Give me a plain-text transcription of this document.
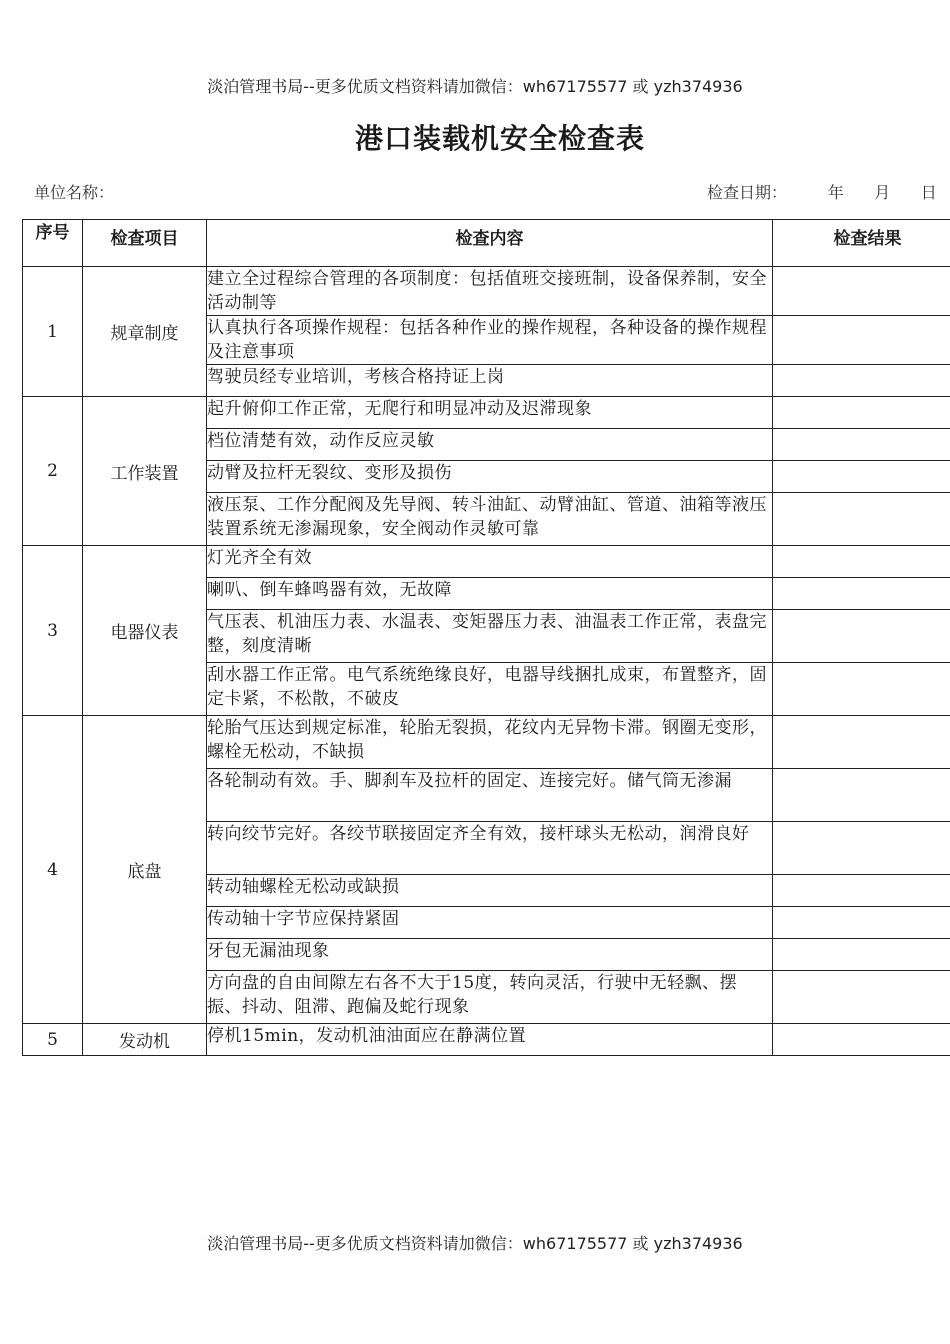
淡泊管理书局--更多优质文档资料请加微信：wh67175577 或 yzh374936
港口装载机安全检查表
单位名称：	检查日期：        年      月      日
序号	检查项目	检查内容	检查结果
1	规章制度	建立全过程综合管理的各项制度：包括值班交接班制，设备保养制，安全活动制等	
		认真执行各项操作规程：包括各种作业的操作规程，各种设备的操作规程及注意事项	
		驾驶员经专业培训，考核合格持证上岗	
2	工作装置	起升俯仰工作正常，无爬行和明显冲动及迟滞现象	
		档位清楚有效，动作反应灵敏	
		动臂及拉杆无裂纹、变形及损伤	
		液压泵、工作分配阀及先导阀、转斗油缸、动臂油缸、管道、油箱等液压装置系统无渗漏现象，安全阀动作灵敏可靠	
3	电器仪表	灯光齐全有效	
		喇叭、倒车蜂鸣器有效，无故障	
		气压表、机油压力表、水温表、变矩器压力表、油温表工作正常，表盘完整，刻度清晰	
		刮水器工作正常。电气系统绝缘良好，电器导线捆扎成束，布置整齐，固定卡紧，不松散，不破皮	
4	底盘	轮胎气压达到规定标准，轮胎无裂损，花纹内无异物卡滞。钢圈无变形，螺栓无松动，不缺损	
		各轮制动有效。手、脚刹车及拉杆的固定、连接完好。储气筒无渗漏	
		转向绞节完好。各绞节联接固定齐全有效，接杆球头无松动，润滑良好	
		转动轴螺栓无松动或缺损	
		传动轴十字节应保持紧固	
		牙包无漏油现象	
		方向盘的自由间隙左右各不大于15度，转向灵活，行驶中无轻飘、摆振、抖动、阻滞、跑偏及蛇行现象	
5	发动机	停机15min，发动机油油面应在静满位置	
淡泊管理书局--更多优质文档资料请加微信：wh67175577 或 yzh374936
